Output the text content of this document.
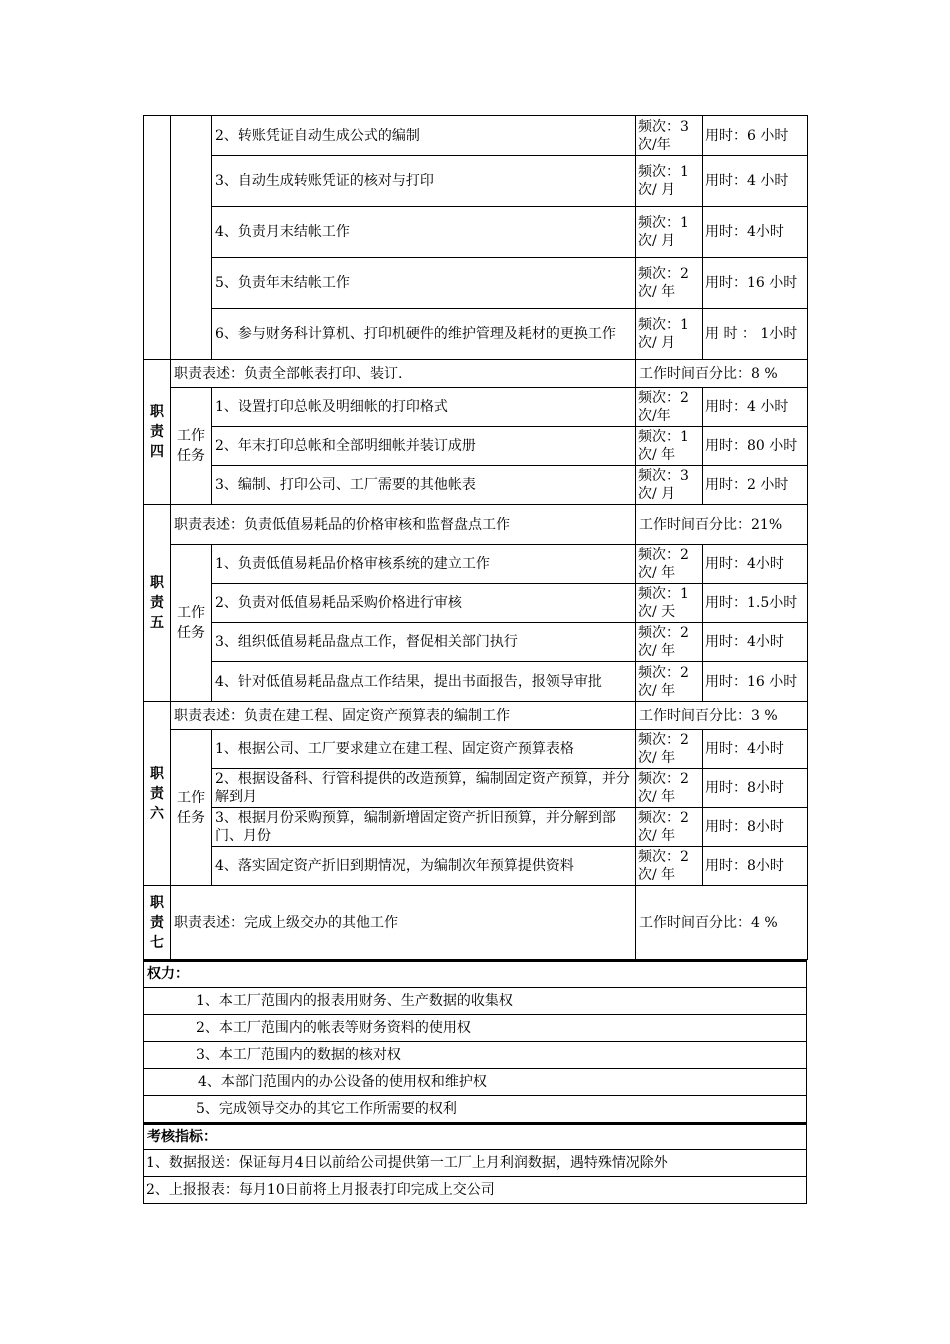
		2、转账凭证自动生成公式的编制	频次：3次/年	用时：6 小时
		3、自动生成转账凭证的核对与打印	频次：1次/ 月	用时：4 小时
		4、负责月末结帐工作	频次：1次/ 月	用时：4小时
		5、负责年末结帐工作	频次：2次/ 年	用时：16 小时
		6、参与财务科计算机、打印机硬件的维护管理及耗材的更换工作	频次：1次/ 月	用 时 ： 1小时
职责四	职责表述：负责全部帐表打印、装订.		工作时间百分比：8 %	
	工作任务	1、设置打印总帐及明细帐的打印格式	频次：2次/年	用时：4 小时
		2、年末打印总帐和全部明细帐并装订成册	频次：1次/ 年	用时：80 小时
		3、编制、打印公司、工厂需要的其他帐表	频次：3次/ 月	用时：2 小时
职责五	职责表述：负责低值易耗品的价格审核和监督盘点工作		工作时间百分比：21%	
	工作任务	1、负责低值易耗品价格审核系统的建立工作	频次：2次/ 年	用时：4小时
		2、负责对低值易耗品采购价格进行审核	频次：1次/ 天	用时：1.5小时
		3、组织低值易耗品盘点工作，督促相关部门执行	频次：2次/ 年	用时：4小时
		4、针对低值易耗品盘点工作结果，提出书面报告，报领导审批	频次：2次/ 年	用时：16 小时
职责六	职责表述：负责在建工程、固定资产预算表的编制工作		工作时间百分比：3 %	
	工作任务	1、根据公司、工厂要求建立在建工程、固定资产预算表格	频次：2次/ 年	用时：4小时
		2、根据设备科、行管科提供的改造预算，编制固定资产预算，并分解到月	频次：2次/ 年	用时：8小时
		3、根据月份采购预算，编制新增固定资产折旧预算，并分解到部门、月份	频次：2次/ 年	用时：8小时
		4、落实固定资产折旧到期情况，为编制次年预算提供资料	频次：2次/ 年	用时：8小时
职责七	职责表述：完成上级交办的其他工作		工作时间百分比：4 %	
权力：
1、本工厂范围内的报表用财务、生产数据的收集权
2、本工厂范围内的帐表等财务资料的使用权
3、本工厂范围内的数据的核对权
4、本部门范围内的办公设备的使用权和维护权
5、完成领导交办的其它工作所需要的权利
考核指标：
1、数据报送：保证每月4日以前给公司提供第一工厂上月利润数据，遇特殊情况除外
2、上报报表：每月10日前将上月报表打印完成上交公司
